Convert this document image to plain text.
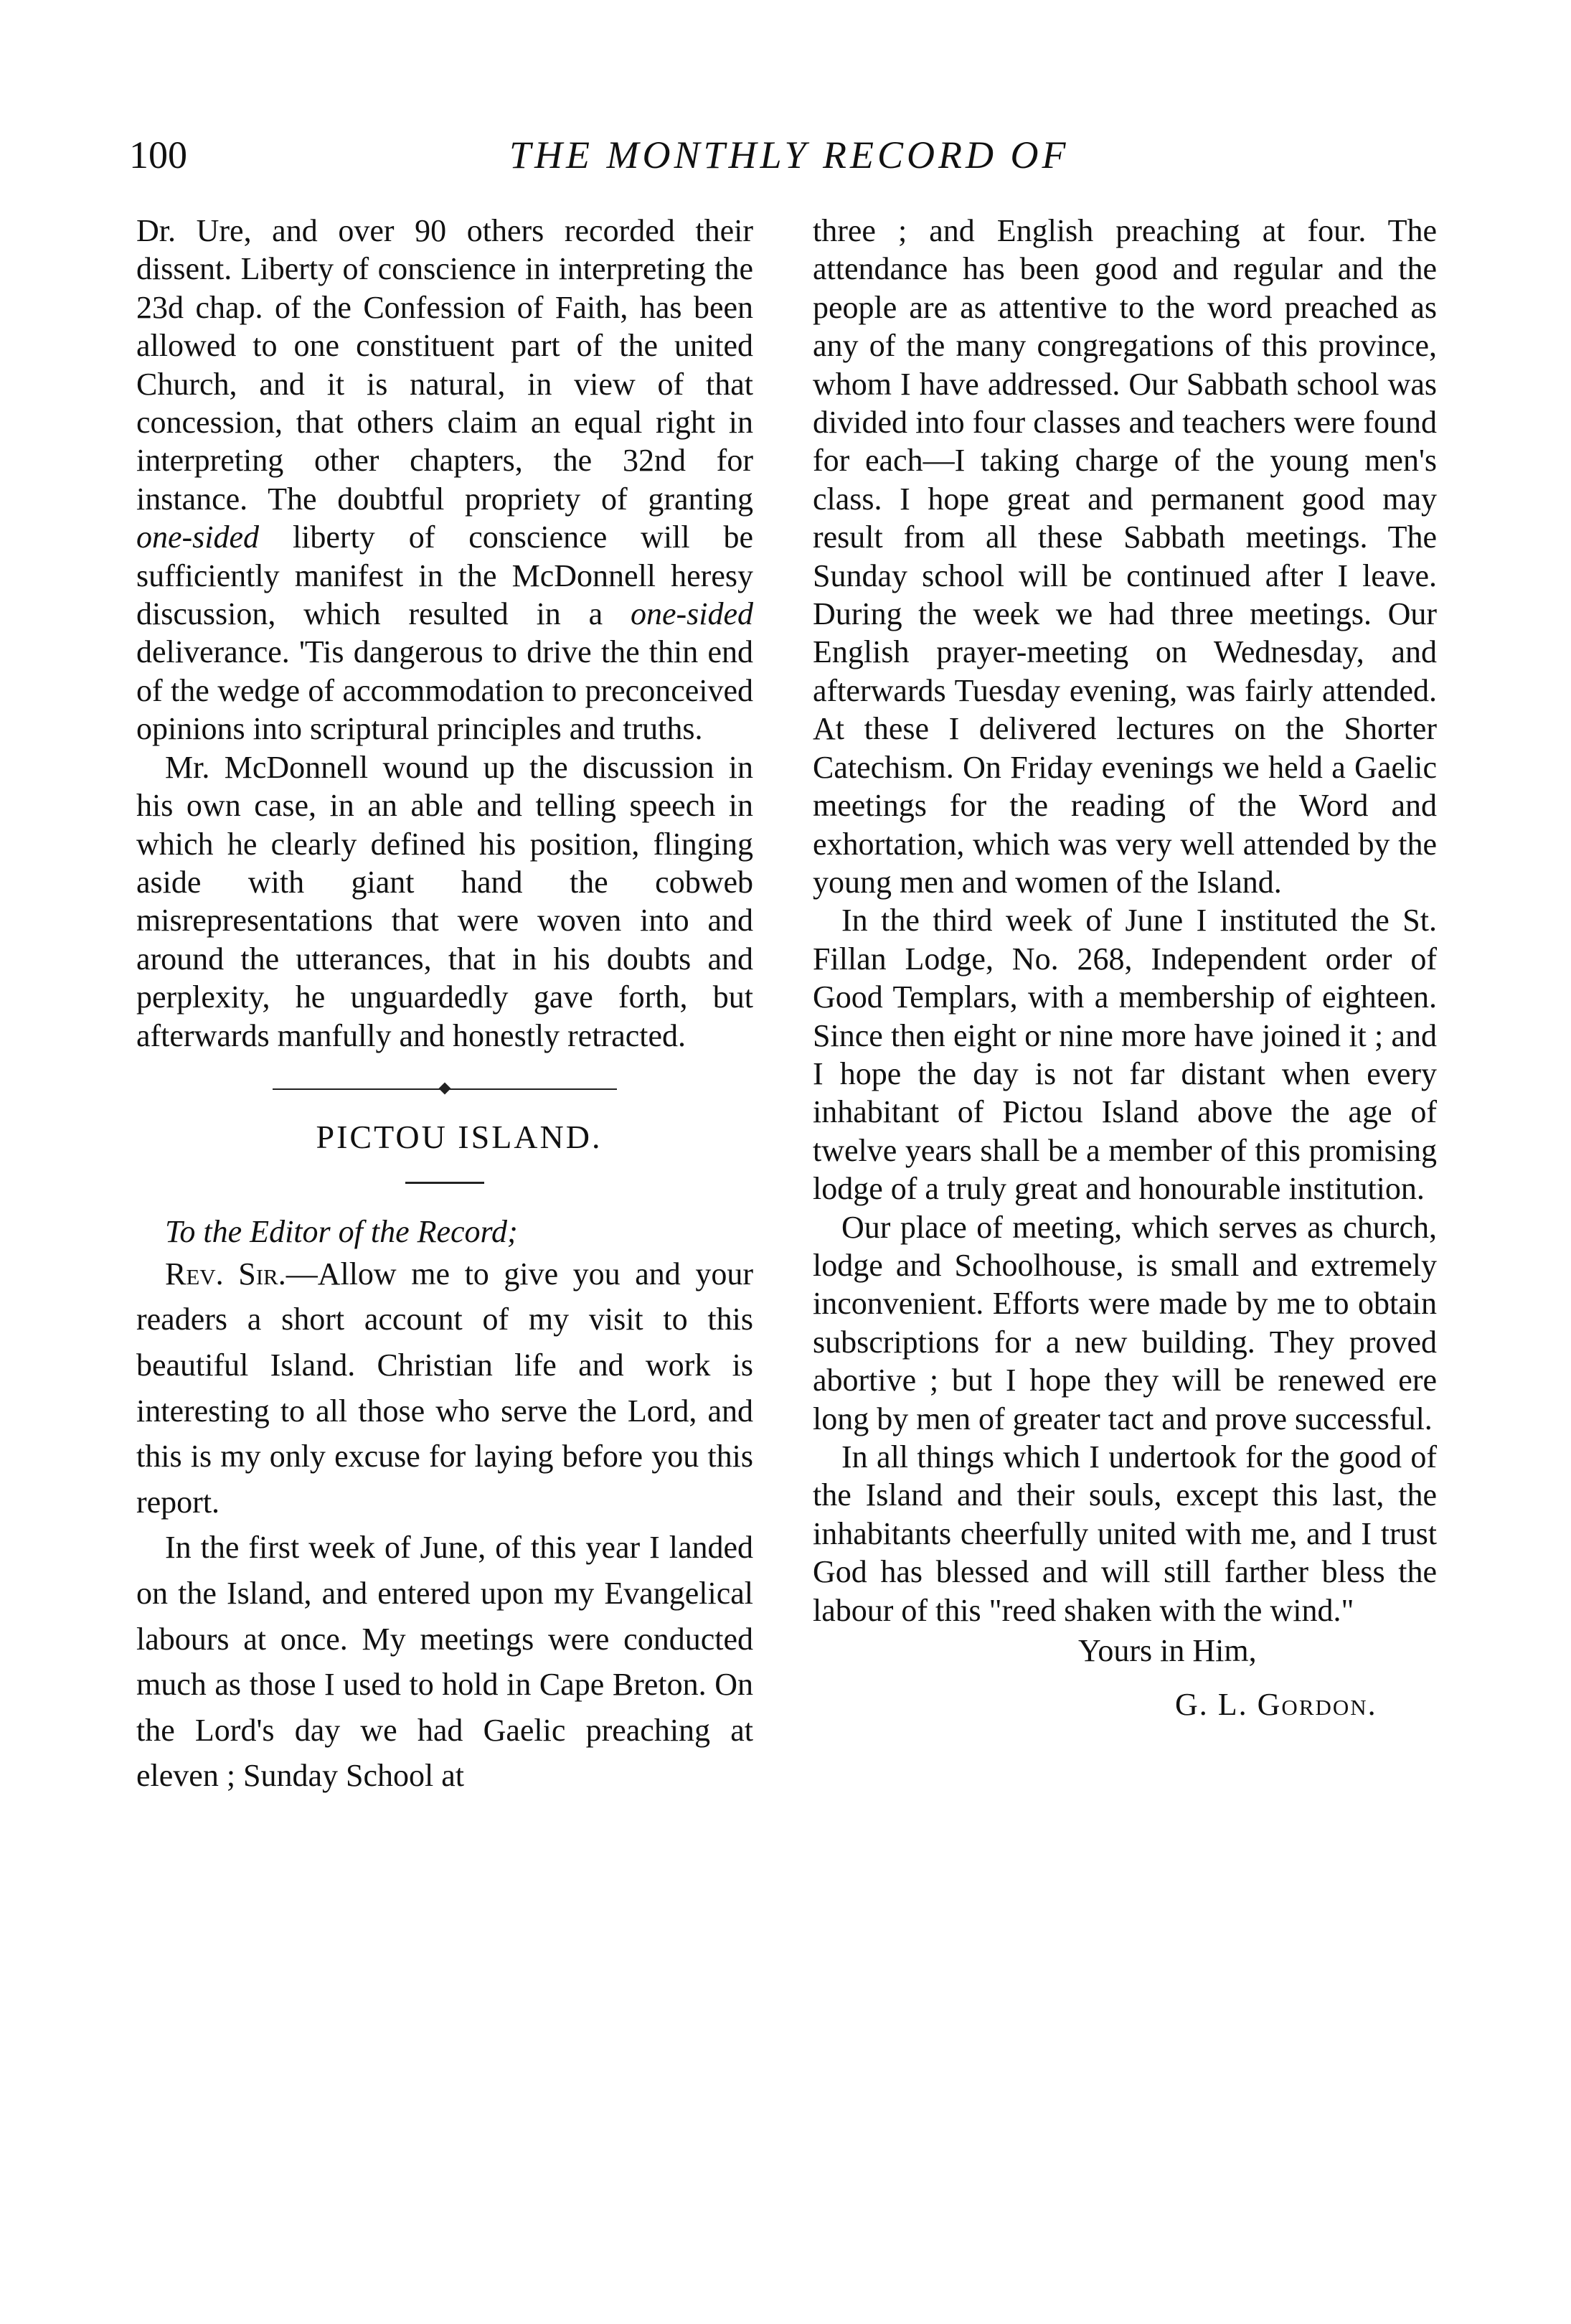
100	THE MONTHLY RECORD OF

Dr. Ure, and over 90 others recorded their dissent. Liberty of conscience in interpreting the 23d chap. of the Confession of Faith, has been allowed to one constituent part of the united Church, and it is natural, in view of that concession, that others claim an equal right in interpreting other chapters, the 32nd for instance. The doubtful propriety of granting one-sided liberty of conscience will be sufficiently manifest in the McDonnell heresy discussion, which resulted in a one-sided deliverance. 'Tis dangerous to drive the thin end of the wedge of accommodation to preconceived opinions into scriptural principles and truths.

Mr. McDonnell wound up the discussion in his own case, in an able and telling speech in which he clearly defined his position, flinging aside with giant hand the cobweb misrepresentations that were woven into and around the utterances, that in his doubts and perplexity, he unguardedly gave forth, but afterwards manfully and honestly retracted.

PICTOU ISLAND.

To the Editor of the Record;

Rev. Sir.—Allow me to give you and your readers a short account of my visit to this beautiful Island. Christian life and work is interesting to all those who serve the Lord, and this is my only excuse for laying before you this report.

In the first week of June, of this year I landed on the Island, and entered upon my Evangelical labours at once. My meetings were conducted much as those I used to hold in Cape Breton. On the Lord's day we had Gaelic preaching at eleven ; Sunday School at

three ; and English preaching at four. The attendance has been good and regular and the people are as attentive to the word preached as any of the many congregations of this province, whom I have addressed. Our Sabbath school was divided into four classes and teachers were found for each—I taking charge of the young men's class. I hope great and permanent good may result from all these Sabbath meetings. The Sunday school will be continued after I leave. During the week we had three meetings. Our English prayer-meeting on Wednesday, and afterwards Tuesday evening, was fairly attended. At these I delivered lectures on the Shorter Catechism. On Friday evenings we held a Gaelic meetings for the reading of the Word and exhortation, which was very well attended by the young men and women of the Island.

In the third week of June I instituted the St. Fillan Lodge, No. 268, Independent order of Good Templars, with a membership of eighteen. Since then eight or nine more have joined it ; and I hope the day is not far distant when every inhabitant of Pictou Island above the age of twelve years shall be a member of this promising lodge of a truly great and honourable institution.

Our place of meeting, which serves as church, lodge and Schoolhouse, is small and extremely inconvenient. Efforts were made by me to obtain subscriptions for a new building. They proved abortive ; but I hope they will be renewed ere long by men of greater tact and prove successful.

In all things which I undertook for the good of the Island and their souls, except this last, the inhabitants cheerfully united with me, and I trust God has blessed and will still farther bless the labour of this "reed shaken with the wind."

Yours in Him,

G. L. Gordon.
